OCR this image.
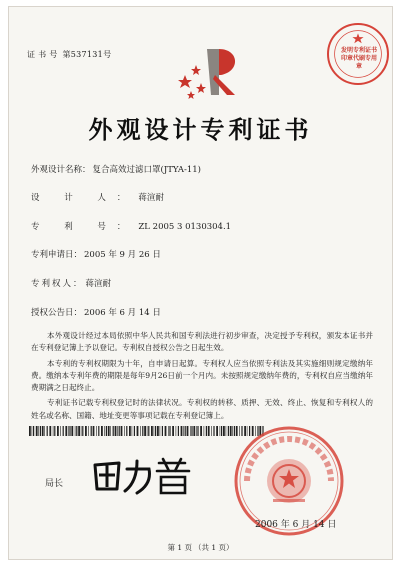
证 书 号 第537131号	发明专利证书印章代刷专用章
外观设计专利证书
外观设计名称： 复合高效过滤口罩(JTYA-11)
设 计 人： 蒋渲耐
专 利 号： ZL 2005 3 0130304.1
专利申请日： 2005 年 9 月 26 日
专利权人： 蒋渲耐
授权公告日： 2006 年 6 月 14 日

本外观设计经过本局依照中华人民共和国专利法进行初步审查，决定授予专利权，颁发本证书并在专利登记簿上予以登记。专利权自授权公告之日起生效。

本专利的专利权期限为十年，自申请日起算。专利权人应当依照专利法及其实施细则规定缴纳年费。缴纳本专利年费的期限是每年9月26日前一个月内。未按照规定缴纳年费的，专利权自应当缴纳年费期满之日起终止。

专利证书记载专利权登记时的法律状况。专利权的转移、质押、无效、终止、恢复和专利权人的姓名或名称、国籍、地址变更等事项记载在专利登记簿上。

局长
2006 年 6 月 14 日
第 1 页 （共 1 页）
